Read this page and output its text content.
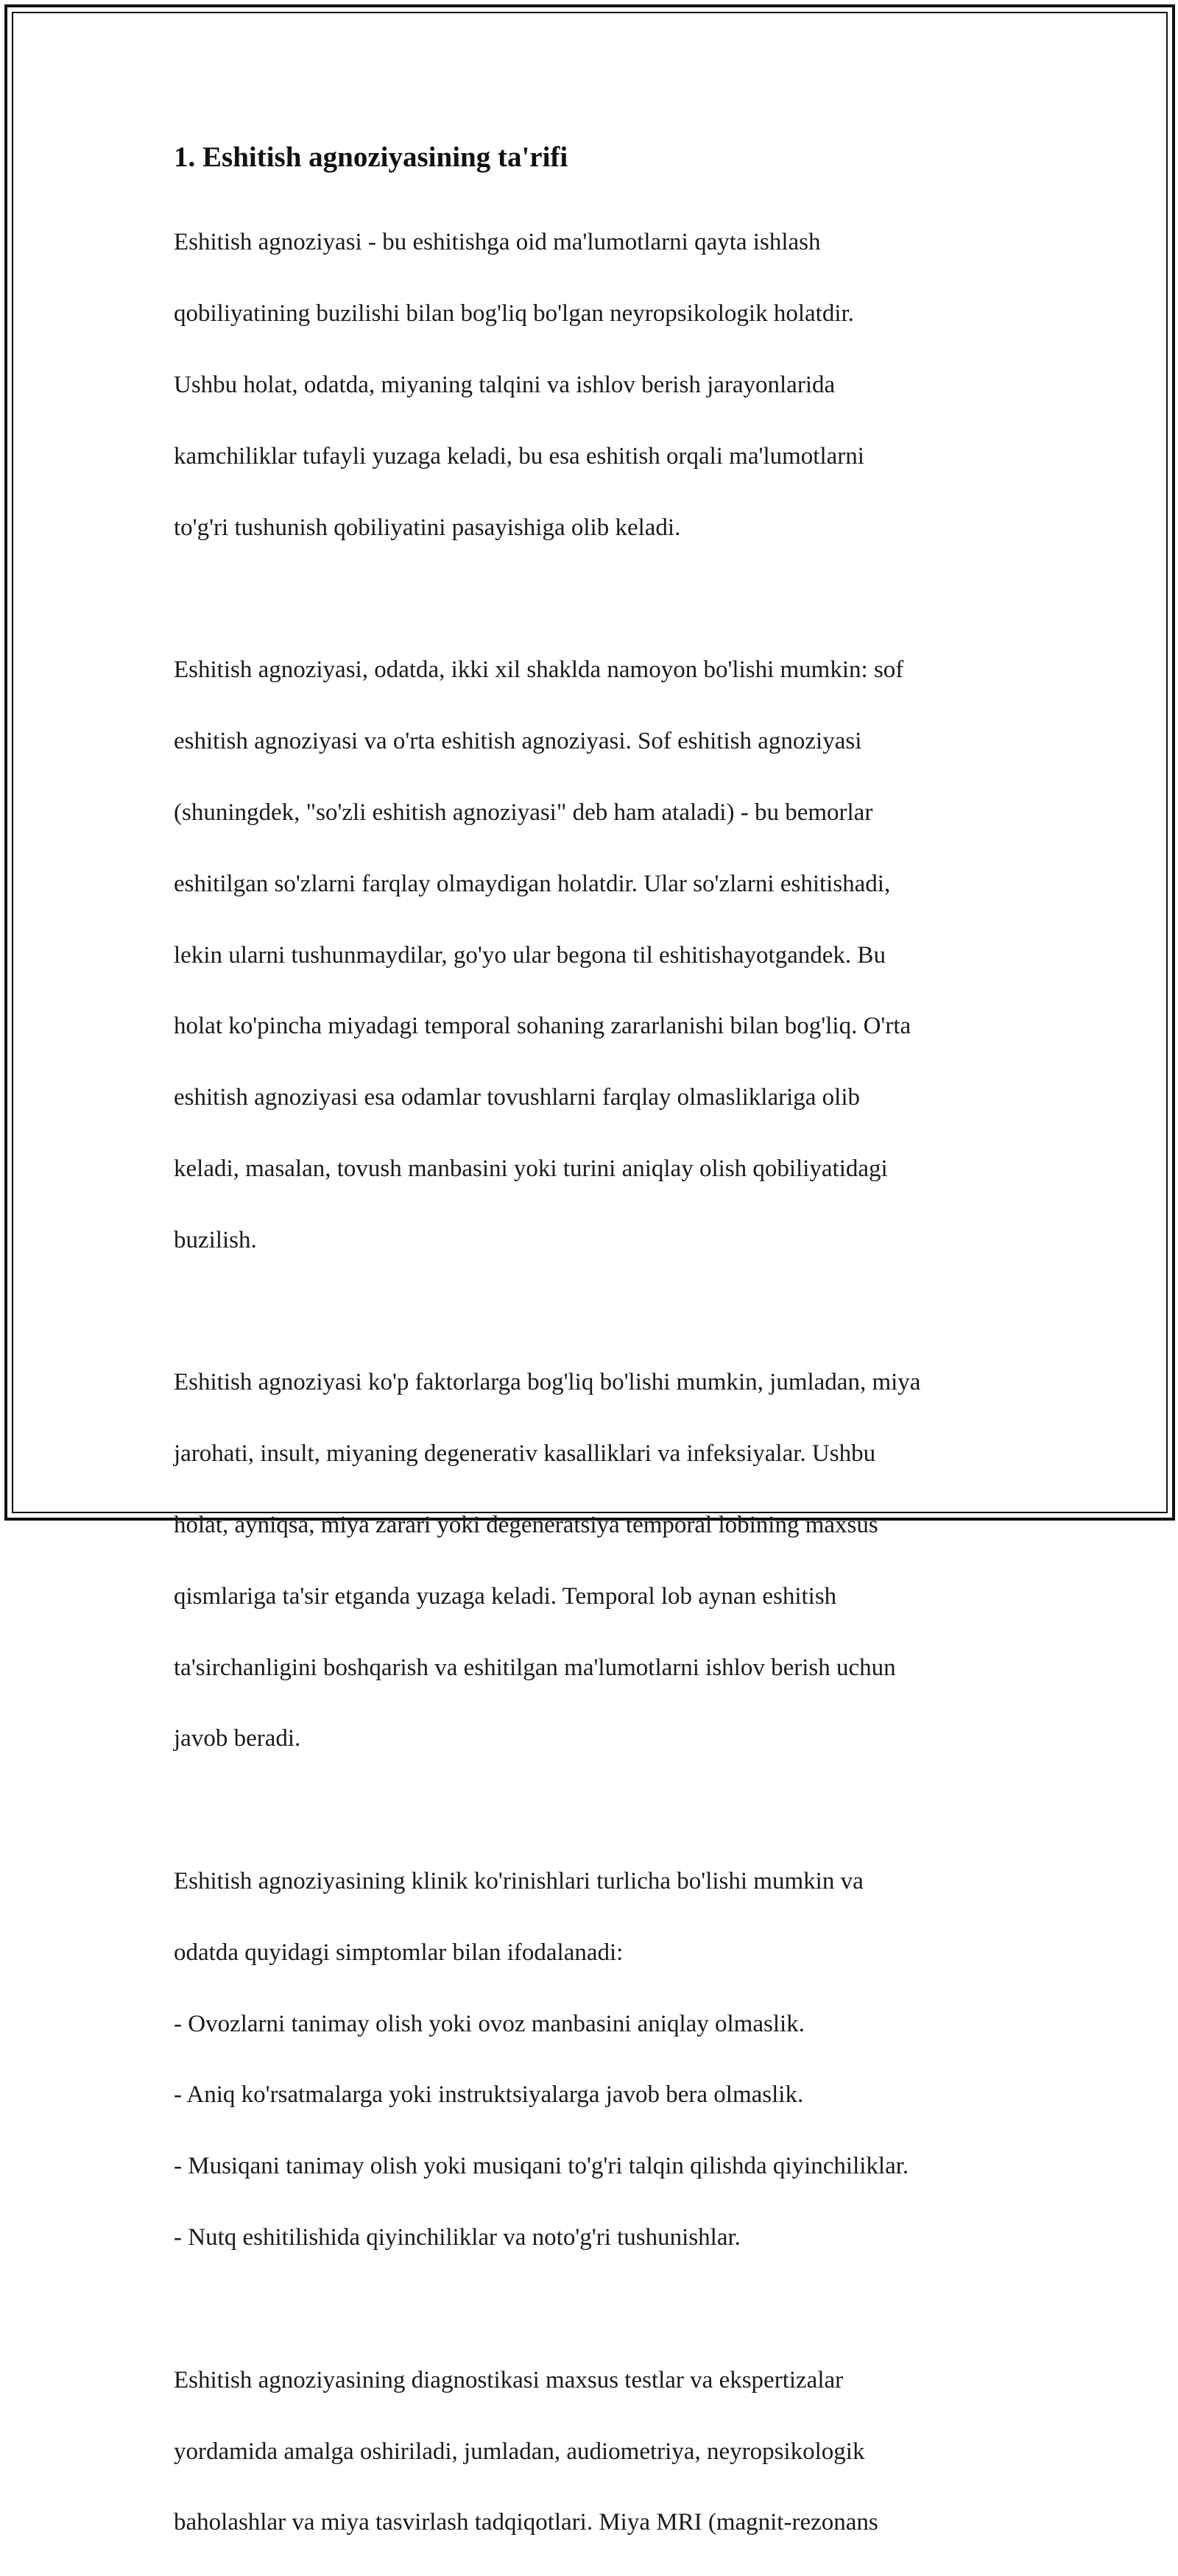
1. Eshitish agnoziyasining ta'rifi

Eshitish agnoziyasi - bu eshitishga oid ma'lumotlarni qayta ishlash

qobiliyatining buzilishi bilan bog'liq bo'lgan neyropsikologik holatdir.

Ushbu holat, odatda, miyaning talqini va ishlov berish jarayonlarida

kamchiliklar tufayli yuzaga keladi, bu esa eshitish orqali ma'lumotlarni

to'g'ri tushunish qobiliyatini pasayishiga olib keladi.

Eshitish agnoziyasi, odatda, ikki xil shaklda namoyon bo'lishi mumkin: sof

eshitish agnoziyasi va o'rta eshitish agnoziyasi. Sof eshitish agnoziyasi

(shuningdek, "so'zli eshitish agnoziyasi" deb ham ataladi) - bu bemorlar

eshitilgan so'zlarni farqlay olmaydigan holatdir. Ular so'zlarni eshitishadi,

lekin ularni tushunmaydilar, go'yo ular begona til eshitishayotgandek. Bu

holat ko'pincha miyadagi temporal sohaning zararlanishi bilan bog'liq. O'rta

eshitish agnoziyasi esa odamlar tovushlarni farqlay olmasliklariga olib

keladi, masalan, tovush manbasini yoki turini aniqlay olish qobiliyatidagi

buzilish.

Eshitish agnoziyasi ko'p faktorlarga bog'liq bo'lishi mumkin, jumladan, miya

jarohati, insult, miyaning degenerativ kasalliklari va infeksiyalar. Ushbu

holat, ayniqsa, miya zarari yoki degeneratsiya temporal lobining maxsus

qismlariga ta'sir etganda yuzaga keladi. Temporal lob aynan eshitish

ta'sirchanligini boshqarish va eshitilgan ma'lumotlarni ishlov berish uchun

javob beradi.

Eshitish agnoziyasining klinik ko'rinishlari turlicha bo'lishi mumkin va

odatda quyidagi simptomlar bilan ifodalanadi:

- Ovozlarni tanimay olish yoki ovoz manbasini aniqlay olmaslik.

- Aniq ko'rsatmalarga yoki instruktsiyalarga javob bera olmaslik.

- Musiqani tanimay olish yoki musiqani to'g'ri talqin qilishda qiyinchiliklar.

- Nutq eshitilishida qiyinchiliklar va noto'g'ri tushunishlar.

Eshitish agnoziyasining diagnostikasi maxsus testlar va ekspertizalar

yordamida amalga oshiriladi, jumladan, audiometriya, neyropsikologik

baholashlar va miya tasvirlash tadqiqotlari. Miya MRI (magnit-rezonans
